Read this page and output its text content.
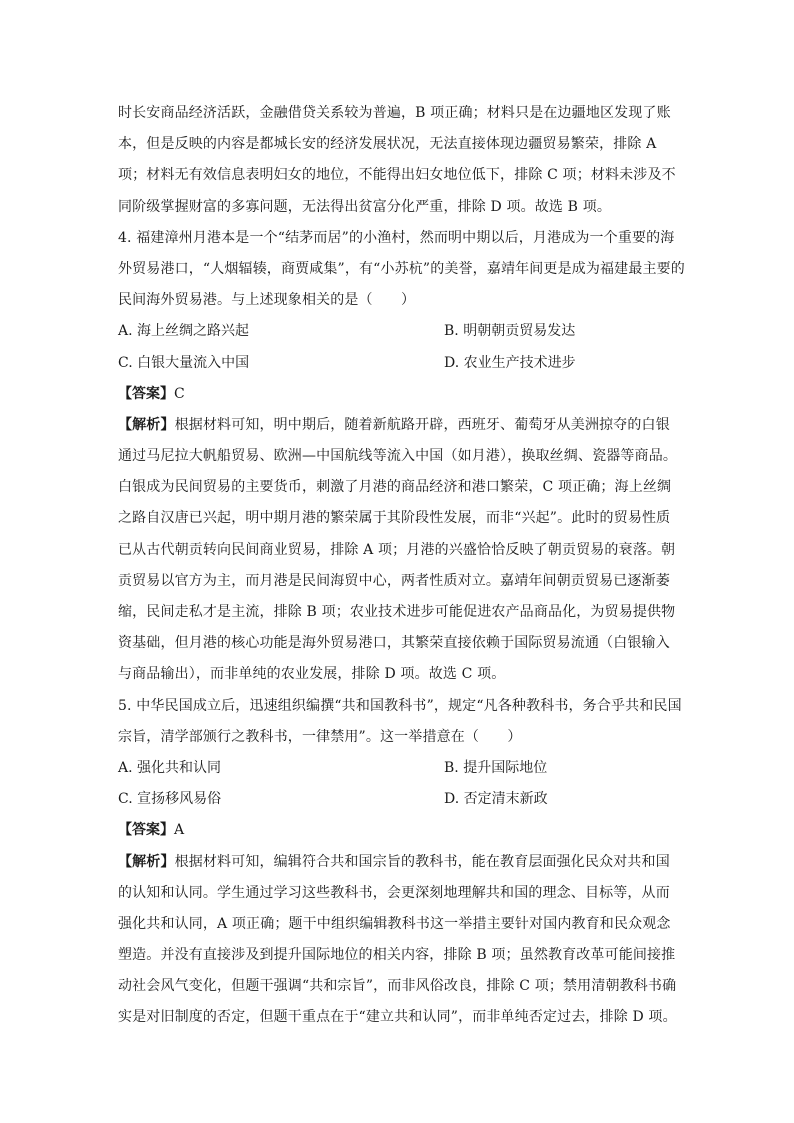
时长安商品经济活跃，金融借贷关系较为普遍，B 项正确；材料只是在边疆地区发现了账
本，但是反映的内容是都城长安的经济发展状况，无法直接体现边疆贸易繁荣，排除 A
项；材料无有效信息表明妇女的地位，不能得出妇女地位低下，排除 C 项；材料未涉及不
同阶级掌握财富的多寡问题，无法得出贫富分化严重，排除 D 项。故选 B 项。
4. 福建漳州月港本是一个“结茅而居”的小渔村，然而明中期以后，月港成为一个重要的海
外贸易港口，“人烟辐辏，商贾咸集”，有“小苏杭”的美誉，嘉靖年间更是成为福建最主要的
民间海外贸易港。与上述现象相关的是（　　）
A. 海上丝绸之路兴起	B. 明朝朝贡贸易发达
C. 白银大量流入中国	D. 农业生产技术进步
【答案】C
【解析】根据材料可知，明中期后，随着新航路开辟，西班牙、葡萄牙从美洲掠夺的白银
通过马尼拉大帆船贸易、欧洲—中国航线等流入中国（如月港），换取丝绸、瓷器等商品。
白银成为民间贸易的主要货币，刺激了月港的商品经济和港口繁荣，C 项正确；海上丝绸
之路自汉唐已兴起，明中期月港的繁荣属于其阶段性发展，而非“兴起”。此时的贸易性质
已从古代朝贡转向民间商业贸易，排除 A 项；月港的兴盛恰恰反映了朝贡贸易的衰落。朝
贡贸易以官方为主，而月港是民间海贸中心，两者性质对立。嘉靖年间朝贡贸易已逐渐萎
缩，民间走私才是主流，排除 B 项；农业技术进步可能促进农产品商品化，为贸易提供物
资基础，但月港的核心功能是海外贸易港口，其繁荣直接依赖于国际贸易流通（白银输入
与商品输出），而非单纯的农业发展，排除 D 项。故选 C 项。
5. 中华民国成立后，迅速组织编撰“共和国教科书”，规定“凡各种教科书，务合乎共和民国
宗旨，清学部颁行之教科书，一律禁用”。这一举措意在（　　）
A. 强化共和认同	B. 提升国际地位
C. 宣扬移风易俗	D. 否定清末新政
【答案】A
【解析】根据材料可知，编辑符合共和国宗旨的教科书，能在教育层面强化民众对共和国
的认知和认同。学生通过学习这些教科书，会更深刻地理解共和国的理念、目标等，从而
强化共和认同，A 项正确；题干中组织编辑教科书这一举措主要针对国内教育和民众观念
塑造。并没有直接涉及到提升国际地位的相关内容，排除 B 项；虽然教育改革可能间接推
动社会风气变化，但题干强调“共和宗旨”，而非风俗改良，排除 C 项；禁用清朝教科书确
实是对旧制度的否定，但题干重点在于“建立共和认同”，而非单纯否定过去，排除 D 项。
